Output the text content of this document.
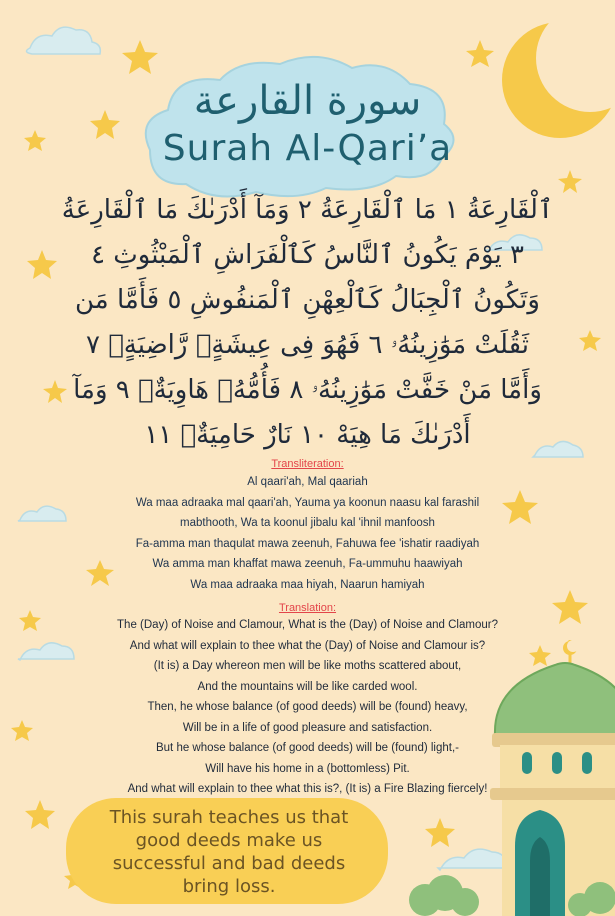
سورة القارعة
Surah Al-Qari’a
ٱلْقَارِعَةُ ١ مَا ٱلْقَارِعَةُ ٢ وَمَآ أَدْرَىٰكَ مَا ٱلْقَارِعَةُ
٣ يَوْمَ يَكُونُ ٱلنَّاسُ كَٱلْفَرَاشِ ٱلْمَبْثُوثِ ٤
وَتَكُونُ ٱلْجِبَالُ كَٱلْعِهْنِ ٱلْمَنفُوشِ ٥ فَأَمَّا مَن
ثَقُلَتْ مَوَٰزِينُهُۥ ٦ فَهُوَ فِى عِيشَةٍۢ رَّاضِيَةٍۢ ٧
وَأَمَّا مَنْ خَفَّتْ مَوَٰزِينُهُۥ ٨ فَأُمُّهُۥ هَاوِيَةٌۭ ٩ وَمَآ
أَدْرَىٰكَ مَا هِيَهْ ١٠ نَارٌ حَامِيَةٌۢ ١١
Transliteration:
Al qaari'ah, Mal qaariah
Wa maa adraaka mal qaari'ah, Yauma ya koonun naasu kal farashil
mabthooth, Wa ta koonul jibalu kal 'ihnil manfoosh
Fa-amma man thaqulat mawa zeenuh, Fahuwa fee 'ishatir raadiyah
Wa amma man khaffat mawa zeenuh, Fa-ummuhu haawiyah
Wa maa adraaka maa hiyah, Naarun hamiyah
Translation:
The (Day) of Noise and Clamour, What is the (Day) of Noise and Clamour?
And what will explain to thee what the (Day) of Noise and Clamour is?
(It is) a Day whereon men will be like moths scattered about,
And the mountains will be like carded wool.
Then, he whose balance (of good deeds) will be (found) heavy,
Will be in a life of good pleasure and satisfaction.
But he whose balance (of good deeds) will be (found) light,-
Will have his home in a (bottomless) Pit.
And what will explain to thee what this is?, (It is) a Fire Blazing fiercely!
This surah teaches us that
good deeds make us
successful and bad deeds
bring loss.
